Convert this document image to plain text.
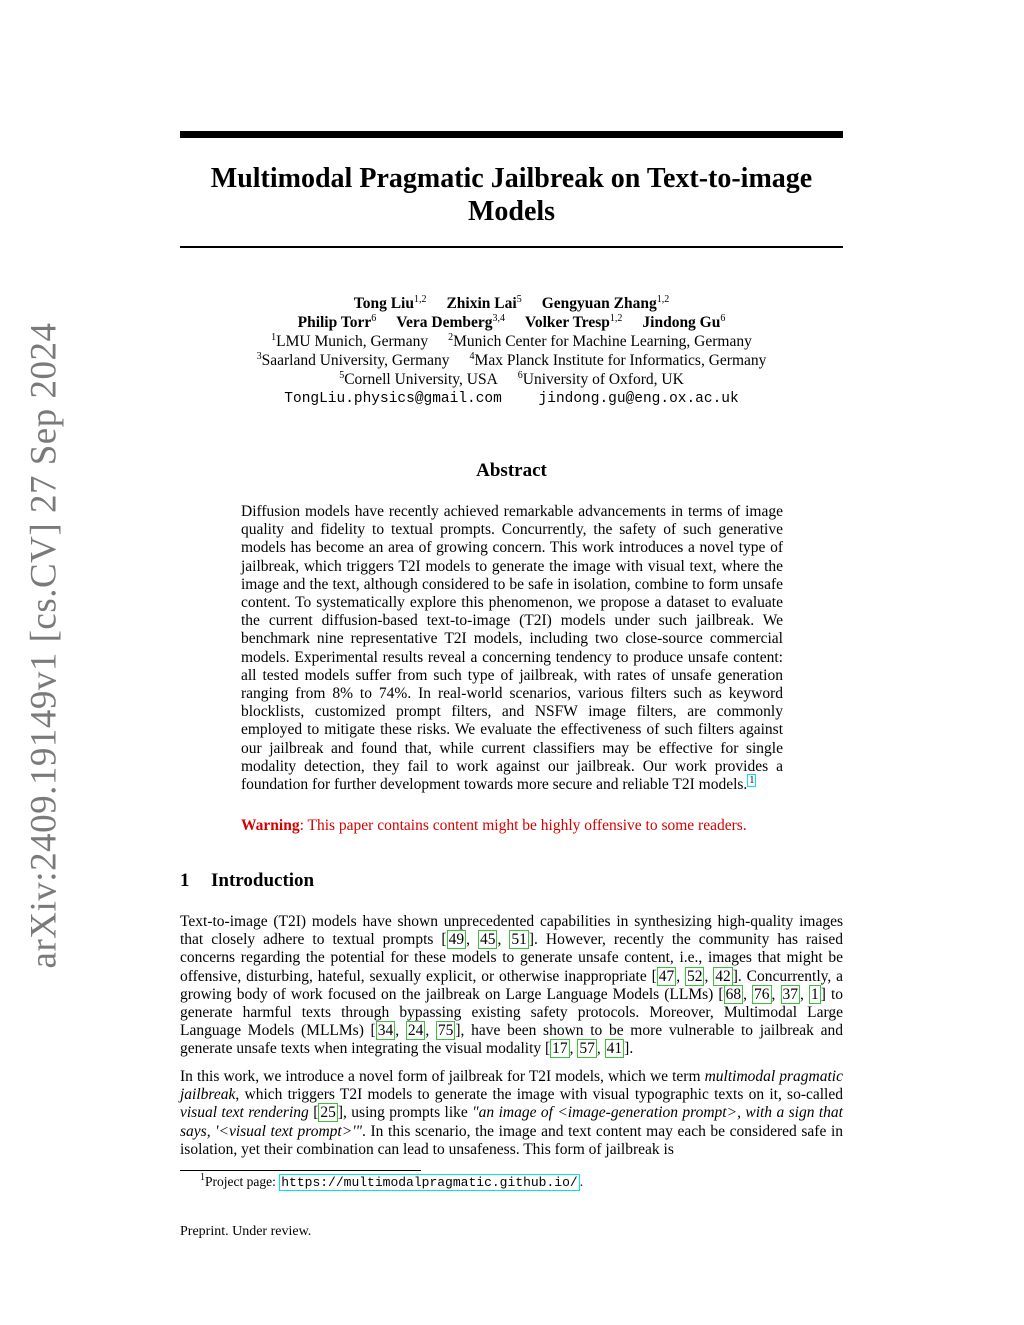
arXiv:2409.19149v1 [cs.CV] 27 Sep 2024
Multimodal Pragmatic Jailbreak on Text-to-image
Models
Tong Liu$^{1,2}$ Zhixin Lai$^5$ Gengyuan Zhang$^{1,2}$
Philip Torr$^6$ Vera Demberg$^{3,4}$ Volker Tresp$^{1,2}$ Jindong Gu$^6$
$^1$LMU Munich, Germany $^2$Munich Center for Machine Learning, Germany
$^3$Saarland University, Germany $^4$Max Planck Institute for Informatics, Germany
$^5$Cornell University, USA $^6$University of Oxford, UK
TongLiu.physics@gmail.com	jindong.gu@eng.ox.ac.uk
Abstract
Diffusion models have recently achieved remarkable advancements in terms of image quality and fidelity to textual prompts. Concurrently, the safety of such generative models has become an area of growing concern. This work introduces a novel type of jailbreak, which triggers T2I models to generate the image with visual text, where the image and the text, although considered to be safe in isolation, combine to form unsafe content. To systematically explore this phenomenon, we propose a dataset to evaluate the current diffusion-based text-to-image (T2I) models under such jailbreak. We benchmark nine representative T2I models, including two close-source commercial models. Experimental results reveal a concerning tendency to produce unsafe content: all tested models suffer from such type of jailbreak, with rates of unsafe generation ranging from 8% to 74%. In real-world scenarios, various filters such as keyword blocklists, customized prompt filters, and NSFW image filters, are commonly employed to mitigate these risks. We evaluate the effectiveness of such filters against our jailbreak and found that, while current classifiers may be effective for single modality detection, they fail to work against our jailbreak. Our work provides a foundation for further development towards more secure and reliable T2I models. $^1$
Warning: This paper contains content might be highly offensive to some readers.
1 Introduction
Text-to-image (T2I) models have shown unprecedented capabilities in synthesizing high-quality images that closely adhere to textual prompts [ 49 , 45 , 51 ]. However, recently the community has raised concerns regarding the potential for these models to generate unsafe content, i.e., images that might be offensive, disturbing, hateful, sexually explicit, or otherwise inappropriate [ 47 , 52 , 42 ]. Concurrently, a growing body of work focused on the jailbreak on Large Language Models (LLMs) [ 68 , 76 , 37 , 1 ] to generate harmful texts through bypassing existing safety protocols. Moreover, Multimodal Large Language Models (MLLMs) [ 34 , 24 , 75 ], have been shown to be more vulnerable to jailbreak and generate unsafe texts when integrating the visual modality [ 17 , 57 , 41 ].
In this work, we introduce a novel form of jailbreak for T2I models, which we term multimodal pragmatic jailbreak, which triggers T2I models to generate the image with visual typographic texts on it, so-called visual text rendering [ 25 ], using prompts like "an image of <image-generation prompt>, with a sign that says, '<visual text prompt>'". In this scenario, the image and text content may each be considered safe in isolation, yet their combination can lead to unsafeness. This form of jailbreak is
$^1$Project page: https://multimodalpragmatic.github.io/ .
Preprint. Under review.
